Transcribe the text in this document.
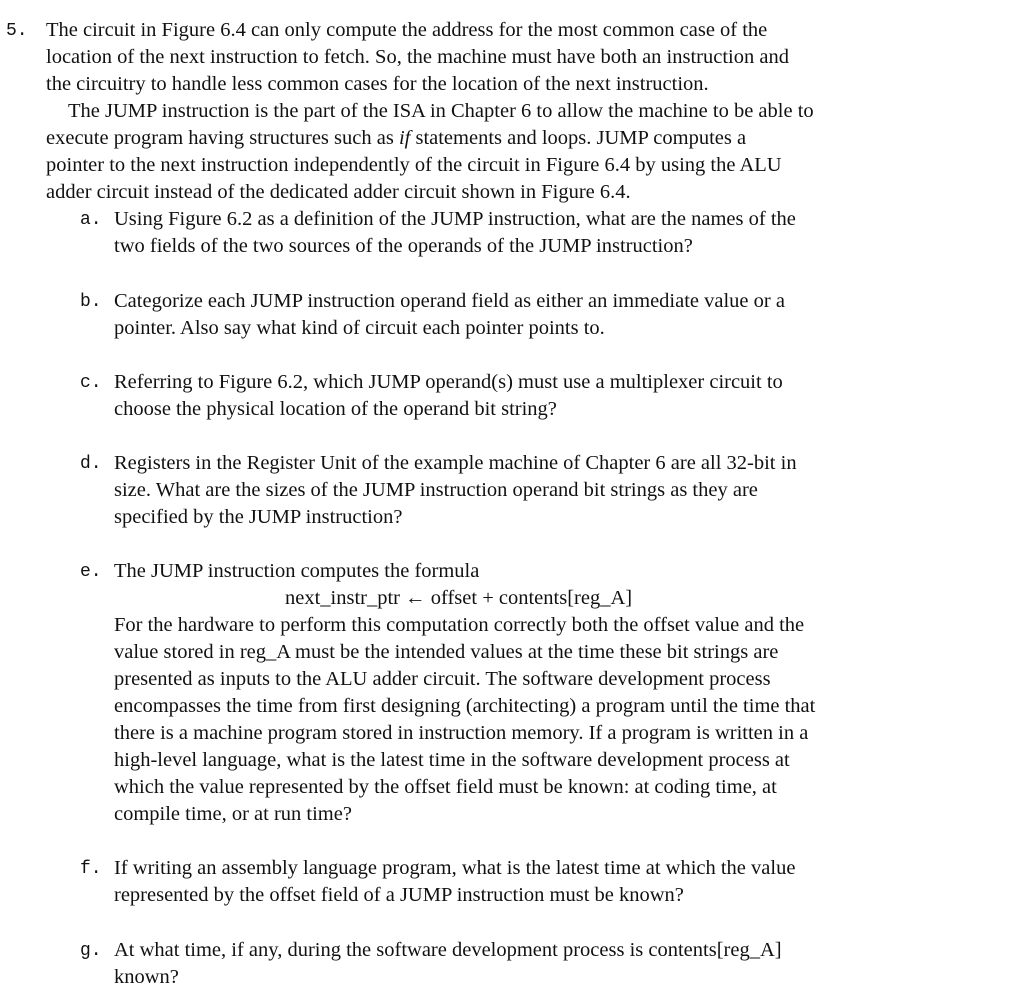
5. The circuit in Figure 6.4 can only compute the address for the most common case of the
location of the next instruction to fetch. So, the machine must have both an instruction and
the circuitry to handle less common cases for the location of the next instruction.
The JUMP instruction is the part of the ISA in Chapter 6 to allow the machine to be able to
execute program having structures such as if statements and loops. JUMP computes a
pointer to the next instruction independently of the circuit in Figure 6.4 by using the ALU
adder circuit instead of the dedicated adder circuit shown in Figure 6.4.
a. Using Figure 6.2 as a definition of the JUMP instruction, what are the names of the
two fields of the two sources of the operands of the JUMP instruction?
b. Categorize each JUMP instruction operand field as either an immediate value or a
pointer. Also say what kind of circuit each pointer points to.
c. Referring to Figure 6.2, which JUMP operand(s) must use a multiplexer circuit to
choose the physical location of the operand bit string?
d. Registers in the Register Unit of the example machine of Chapter 6 are all 32-bit in
size. What are the sizes of the JUMP instruction operand bit strings as they are
specified by the JUMP instruction?
e. The JUMP instruction computes the formula
next_instr_ptr ← offset + contents[reg_A]
For the hardware to perform this computation correctly both the offset value and the
value stored in reg_A must be the intended values at the time these bit strings are
presented as inputs to the ALU adder circuit. The software development process
encompasses the time from first designing (architecting) a program until the time that
there is a machine program stored in instruction memory. If a program is written in a
high-level language, what is the latest time in the software development process at
which the value represented by the offset field must be known: at coding time, at
compile time, or at run time?
f. If writing an assembly language program, what is the latest time at which the value
represented by the offset field of a JUMP instruction must be known?
g. At what time, if any, during the software development process is contents[reg_A]
known?
